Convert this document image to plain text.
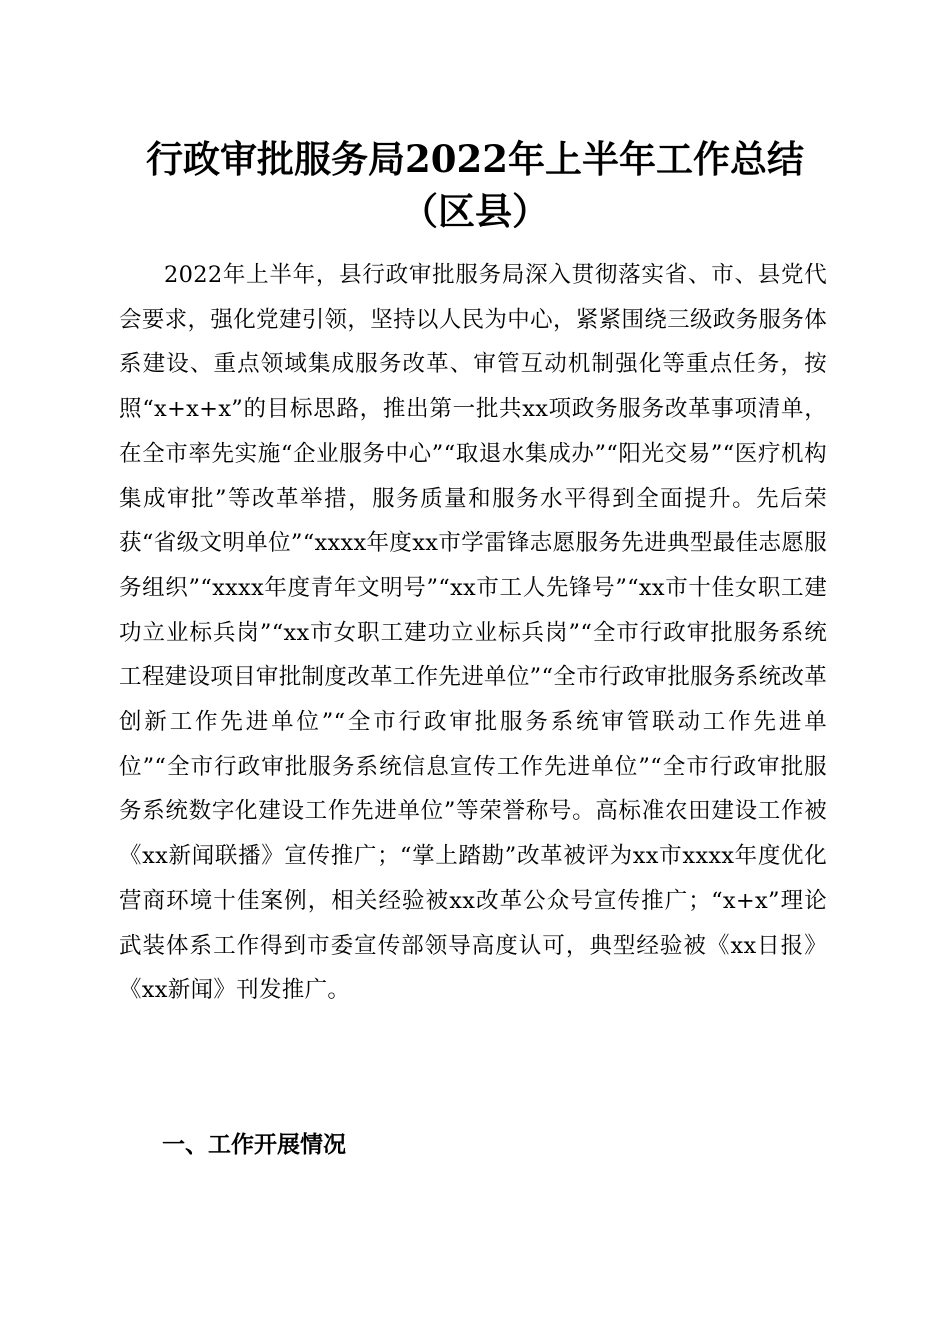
行政审批服务局2022年上半年工作总结（区县）

2022年上半年，县行政审批服务局深入贯彻落实省、市、县党代会要求，强化党建引领，坚持以人民为中心，紧紧围绕三级政务服务体系建设、重点领域集成服务改革、审管互动机制强化等重点任务，按照“x+x+x”的目标思路，推出第一批共xx项政务服务改革事项清单，在全市率先实施“企业服务中心”“取退水集成办”“阳光交易”“医疗机构集成审批”等改革举措，服务质量和服务水平得到全面提升。先后荣获“省级文明单位”“xxxx年度xx市学雷锋志愿服务先进典型最佳志愿服务组织”“xxxx年度青年文明号”“xx市工人先锋号”“xx市十佳女职工建功立业标兵岗”“xx市女职工建功立业标兵岗”“全市行政审批服务系统工程建设项目审批制度改革工作先进单位”“全市行政审批服务系统改革创新工作先进单位”“全市行政审批服务系统审管联动工作先进单位”“全市行政审批服务系统信息宣传工作先进单位”“全市行政审批服务系统数字化建设工作先进单位”等荣誉称号。高标准农田建设工作被《xx新闻联播》宣传推广；“掌上踏勘”改革被评为xx市xxxx年度优化营商环境十佳案例，相关经验被xx改革公众号宣传推广；“x+x”理论武装体系工作得到市委宣传部领导高度认可，典型经验被《xx日报》《xx新闻》刊发推广。

一、工作开展情况
